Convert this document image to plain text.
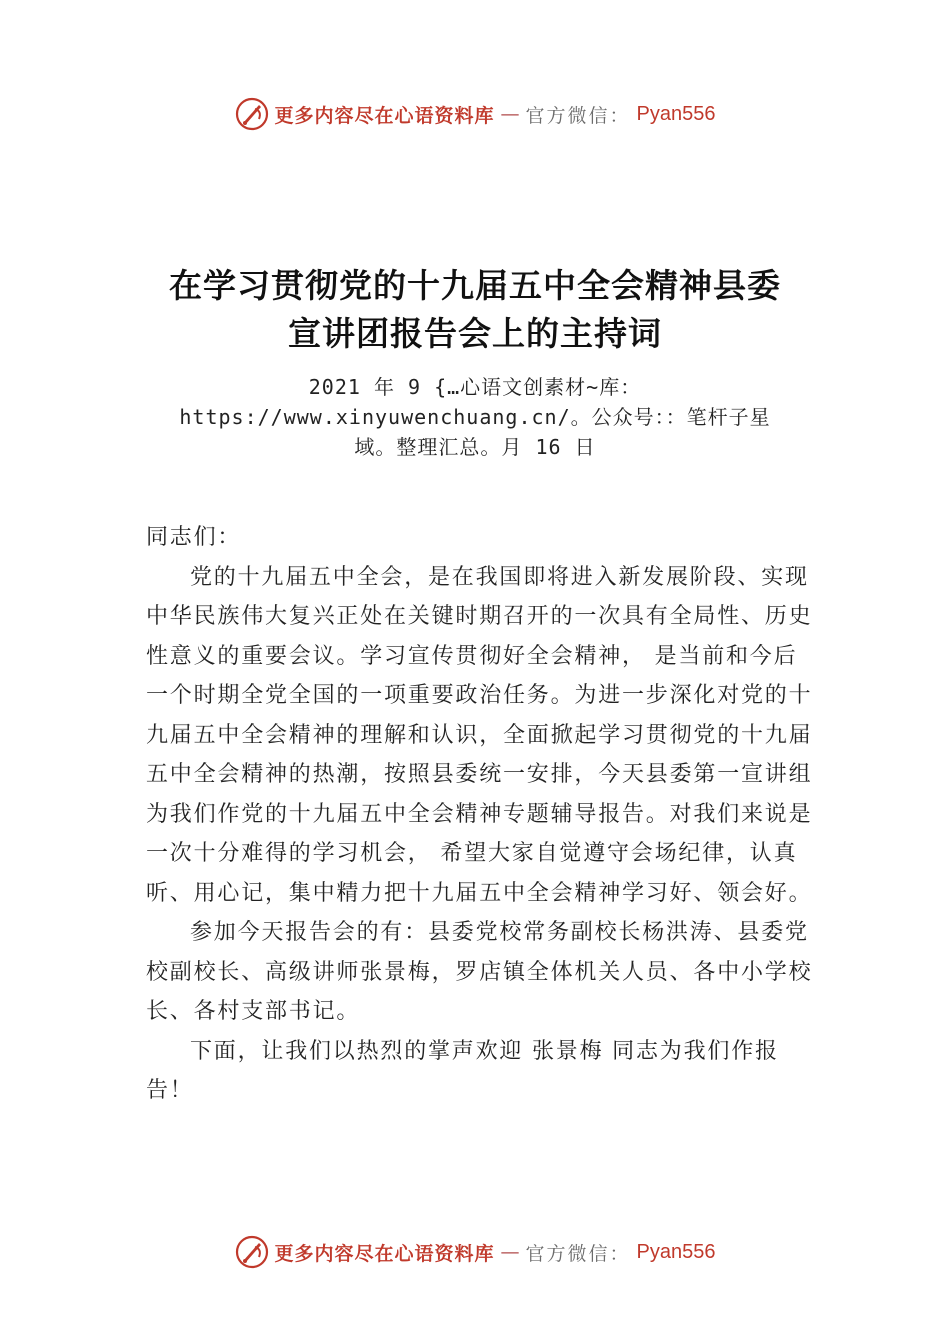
更多内容尽在心语资料库 — 官方微信： Pyan556
在学习贯彻党的十九届五中全会精神县委
宣讲团报告会上的主持词
2021 年 9 {…心语文创素材~库：
https://www.xinyuwenchuang.cn/。公众号：：笔杆子星
域。整理汇总。月 16 日

同志们：

党的十九届五中全会，是在我国即将进入新发展阶段、实现中华民族伟大复兴正处在关键时期召开的一次具有全局性、历史性意义的重要会议。学习宣传贯彻好全会精神， 是当前和今后一个时期全党全国的一项重要政治任务。为进一步深化对党的十九届五中全会精神的理解和认识，全面掀起学习贯彻党的十九届五中全会精神的热潮，按照县委统一安排，今天县委第一宣讲组为我们作党的十九届五中全会精神专题辅导报告。对我们来说是一次十分难得的学习机会， 希望大家自觉遵守会场纪律，认真听、用心记，集中精力把十九届五中全会精神学习好、领会好。

参加今天报告会的有：县委党校常务副校长杨洪涛、县委党校副校长、高级讲师张景梅，罗店镇全体机关人员、各中小学校长、各村支部书记。

下面，让我们以热烈的掌声欢迎 张景梅 同志为我们作报告！

更多内容尽在心语资料库 — 官方微信： Pyan556
